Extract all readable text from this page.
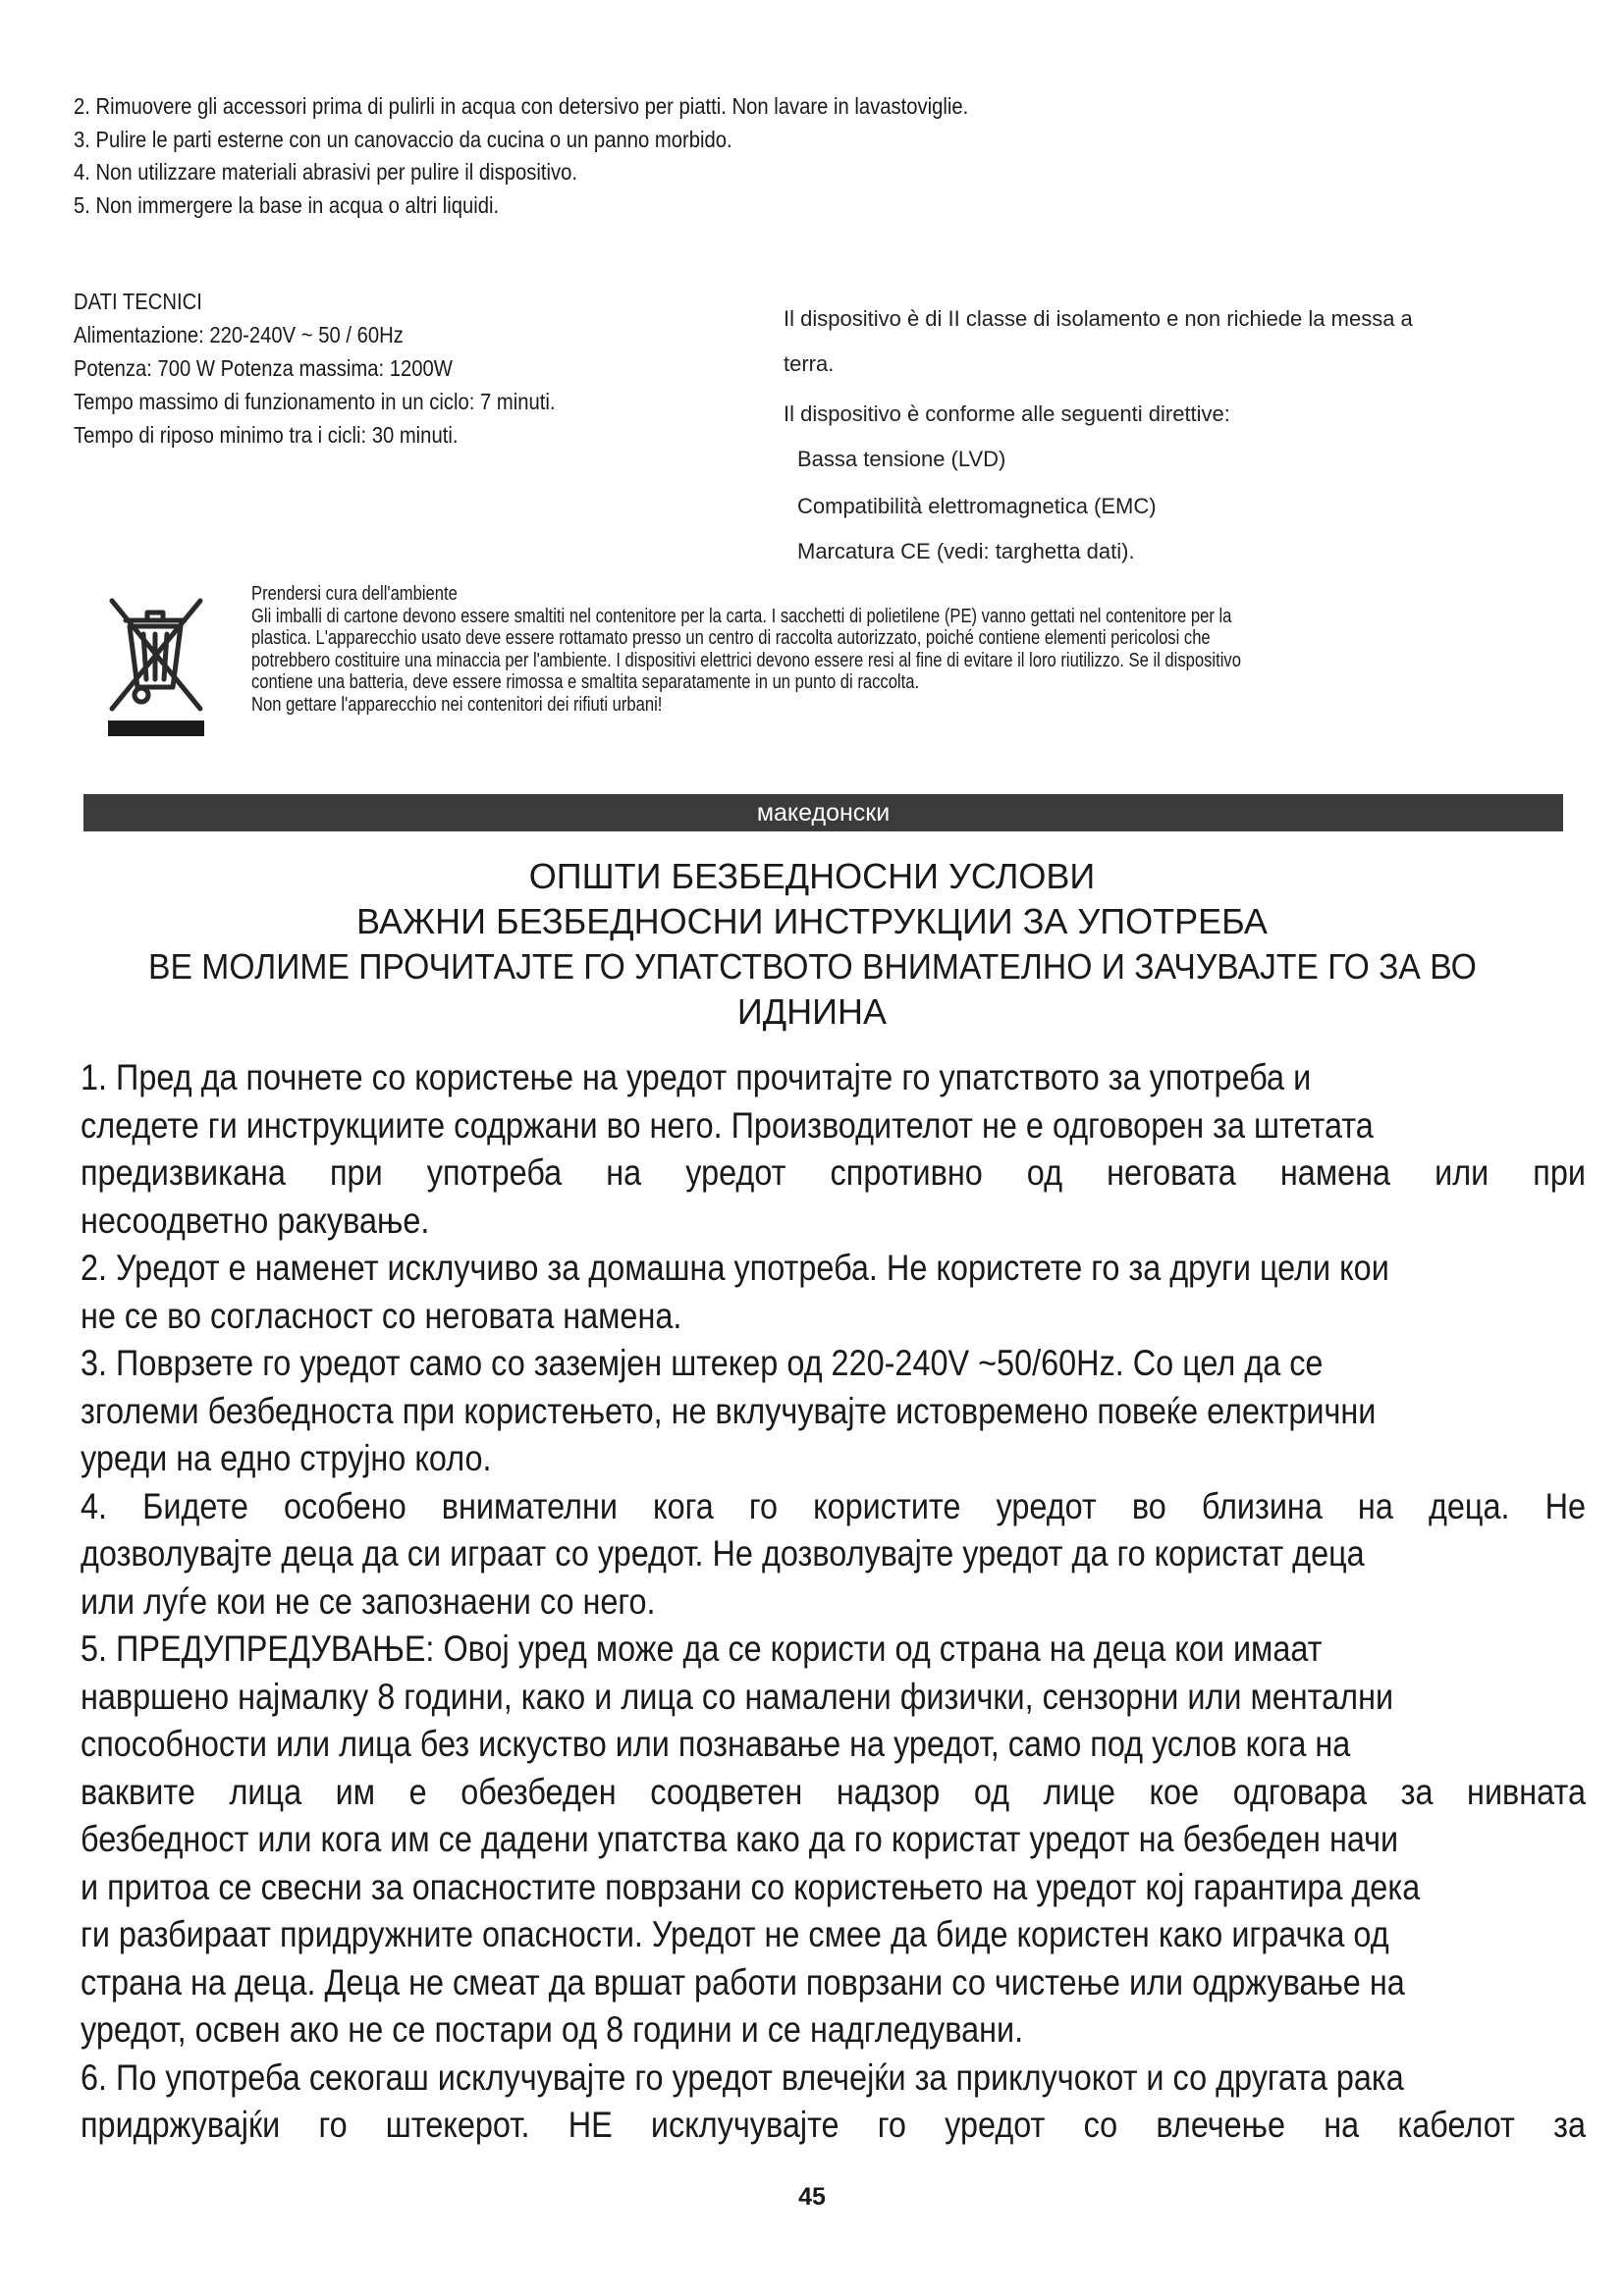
2. Rimuovere gli accessori prima di pulirli in acqua con detersivo per piatti. Non lavare in lavastoviglie.
3. Pulire le parti esterne con un canovaccio da cucina o un panno morbido.
4. Non utilizzare materiali abrasivi per pulire il dispositivo.
5. Non immergere la base in acqua o altri liquidi.
DATI TECNICI
Alimentazione: 220-240V ~ 50 / 60Hz
Potenza: 700 W Potenza massima: 1200W
Tempo massimo di funzionamento in un ciclo: 7 minuti.
Tempo di riposo minimo tra i cicli: 30 minuti.
Il dispositivo è di II classe di isolamento e non richiede la messa a
terra.
Il dispositivo è conforme alle seguenti direttive:
Bassa tensione (LVD)
Compatibilità elettromagnetica (EMC)
Marcatura CE (vedi: targhetta dati).
Prendersi cura dell'ambiente
Gli imballi di cartone devono essere smaltiti nel contenitore per la carta. I sacchetti di polietilene (PE) vanno gettati nel contenitore per la
plastica. L'apparecchio usato deve essere rottamato presso un centro di raccolta autorizzato, poiché contiene elementi pericolosi che
potrebbero costituire una minaccia per l'ambiente. I dispositivi elettrici devono essere resi al fine di evitare il loro riutilizzo. Se il dispositivo
contiene una batteria, deve essere rimossa e smaltita separatamente in un punto di raccolta.
Non gettare l'apparecchio nei contenitori dei rifiuti urbani!
македонски
ОПШТИ БЕЗБЕДНОСНИ УСЛОВИ
ВАЖНИ БЕЗБЕДНОСНИ ИНСТРУКЦИИ ЗА УПОТРЕБА
ВЕ МОЛИМЕ ПРОЧИТАЈТЕ ГО УПАТСТВОТО ВНИМАТЕЛНО И ЗАЧУВАЈТЕ ГО ЗА ВО
ИДНИНА
1. Пред да почнете со користење на уредот прочитајте го упатството за употреба и
следете ги инструкциите содржани во него. Производителот не е одговорен за штетата
предизвикана при употреба на уредот спротивно од неговата намена или при
несоодветно ракување.
2. Уредот е наменет исклучиво за домашна употреба. Не користете го за други цели кои
не се во согласност со неговата намена.
3. Поврзете го уредот само со заземјен штекер од 220-240V ~50/60Hz. Со цел да се
зголеми безбедноста при користењето, не вклучувајте истовремено повеќе електрични
уреди на едно струјно коло.
4. Бидете особено внимателни кога го користите уредот во близина на деца. Не
дозволувајте деца да си играат со уредот. Не дозволувајте уредот да го користат деца
или луѓе кои не се запознаени со него.
5. ПРЕДУПРЕДУВАЊЕ: Овој уред може да се користи од страна на деца кои имаат
навршено најмалку 8 години, како и лица со намалени физички, сензорни или ментални
способности или лица без искуство или познавање на уредот, само под услов кога на
ваквите лица им е обезбеден соодветен надзор од лице кое одговара за нивната
безбедност или кога им се дадени упатства како да го користат уредот на безбеден начи
и притоа се свесни за опасностите поврзани со користењето на уредот кој гарантира дека
ги разбираат придружните опасности. Уредот не смее да биде користен како играчка од
страна на деца. Деца не смеат да вршат работи поврзани со чистење или одржување на
уредот, освен ако не се постари од 8 години и се надгледувани.
6. По употреба секогаш исклучувајте го уредот влечејќи за приклучокот и со другата рака
придржувајќи го штекерот. НЕ исклучувајте го уредот со влечење на кабелот за
45
